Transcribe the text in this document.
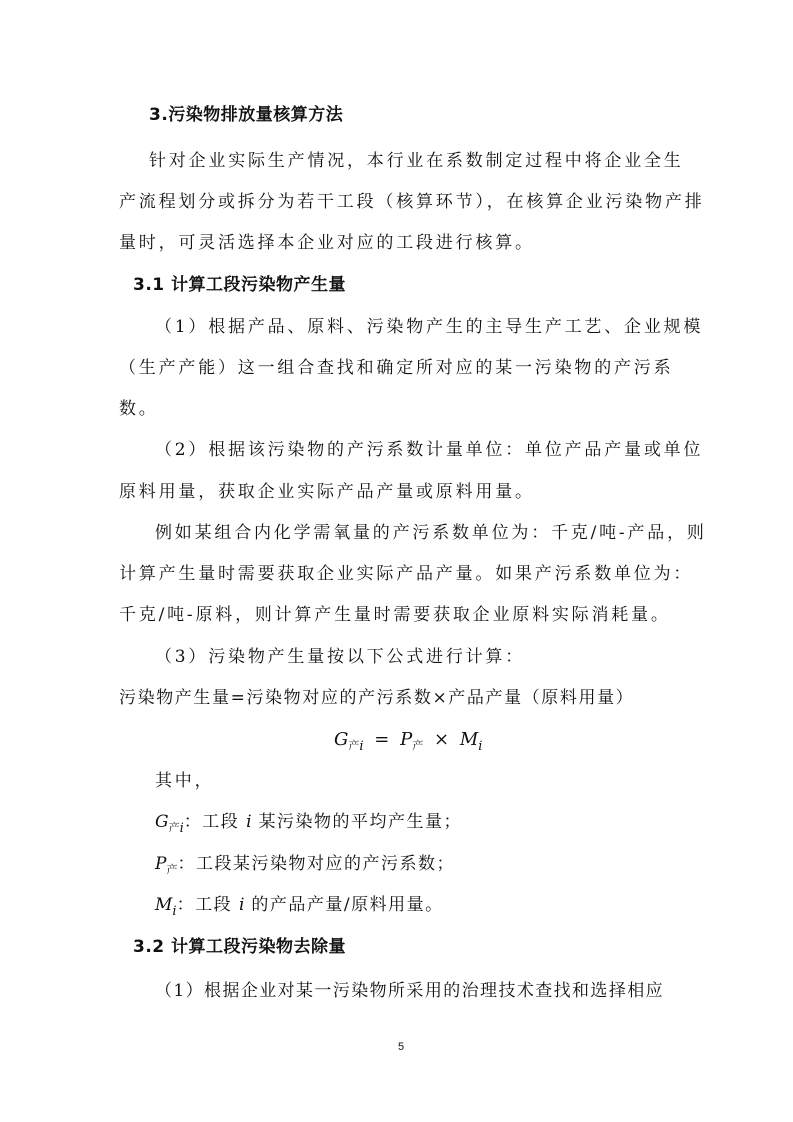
3.污染物排放量核算方法
针对企业实际生产情况，本行业在系数制定过程中将企业全生
产流程划分或拆分为若干工段（核算环节），在核算企业污染物产排
量时，可灵活选择本企业对应的工段进行核算。
3.1 计算工段污染物产生量
（1）根据产品、原料、污染物产生的主导生产工艺、企业规模
（生产产能）这一组合查找和确定所对应的某一污染物的产污系
数。
（2）根据该污染物的产污系数计量单位：单位产品产量或单位
原料用量，获取企业实际产品产量或原料用量。
例如某组合内化学需氧量的产污系数单位为：千克/吨-产品，则
计算产生量时需要获取企业实际产品产量。如果产污系数单位为：
千克/吨-原料，则计算产生量时需要获取企业原料实际消耗量。
（3）污染物产生量按以下公式进行计算：
污染物产生量=污染物对应的产污系数×产品产量（原料用量）
$G_{产i} = P_产 \times M_i$
其中，
$G_{产i}$：工段 i 某污染物的平均产生量；
$P_产$：工段某污染物对应的产污系数；
$M_i$：工段 i 的产品产量/原料用量。
3.2 计算工段污染物去除量
（1）根据企业对某一污染物所采用的治理技术查找和选择相应
5
